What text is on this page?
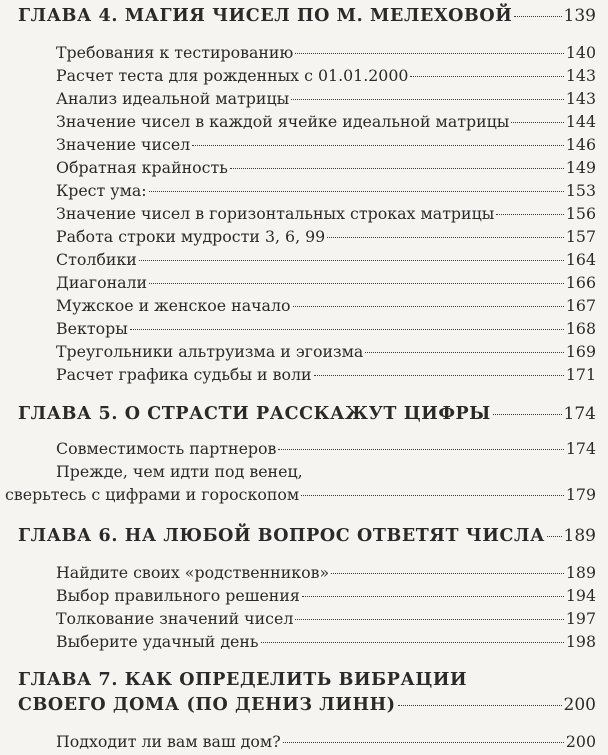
ГЛАВА 4. МАГИЯ ЧИСЕЛ ПО М. МЕЛЕХОВОЙ	139
Требования к тестированию	140
Расчет теста для рожденных с 01.01.2000	143
Анализ идеальной матрицы	143
Значение чисел в каждой ячейке идеальной матрицы	144
Значение чисел	146
Обратная крайность	149
Крест ума:	153
Значение чисел в горизонтальных строках матрицы	156
Работа строки мудрости 3, 6, 99	157
Столбики	164
Диагонали	166
Мужское и женское начало	167
Векторы	168
Треугольники альтруизма и эгоизма	169
Расчет графика судьбы и воли	171
ГЛАВА 5. О СТРАСТИ РАССКАЖУТ ЦИФРЫ	174
Совместимость партнеров	174
Прежде, чем идти под венец,
сверьтесь с цифрами и гороскопом	179
ГЛАВА 6. НА ЛЮБОЙ ВОПРОС ОТВЕТЯТ ЧИСЛА 189
Найдите своих «родственников»	189
Выбор правильного решения	194
Толкование значений чисел	197
Выберите удачный день	198
ГЛАВА 7. КАК ОПРЕДЕЛИТЬ ВИБРАЦИИ
СВОЕГО ДОМА (ПО ДЕНИЗ ЛИНН)	200
Подходит ли вам ваш дом?	200
